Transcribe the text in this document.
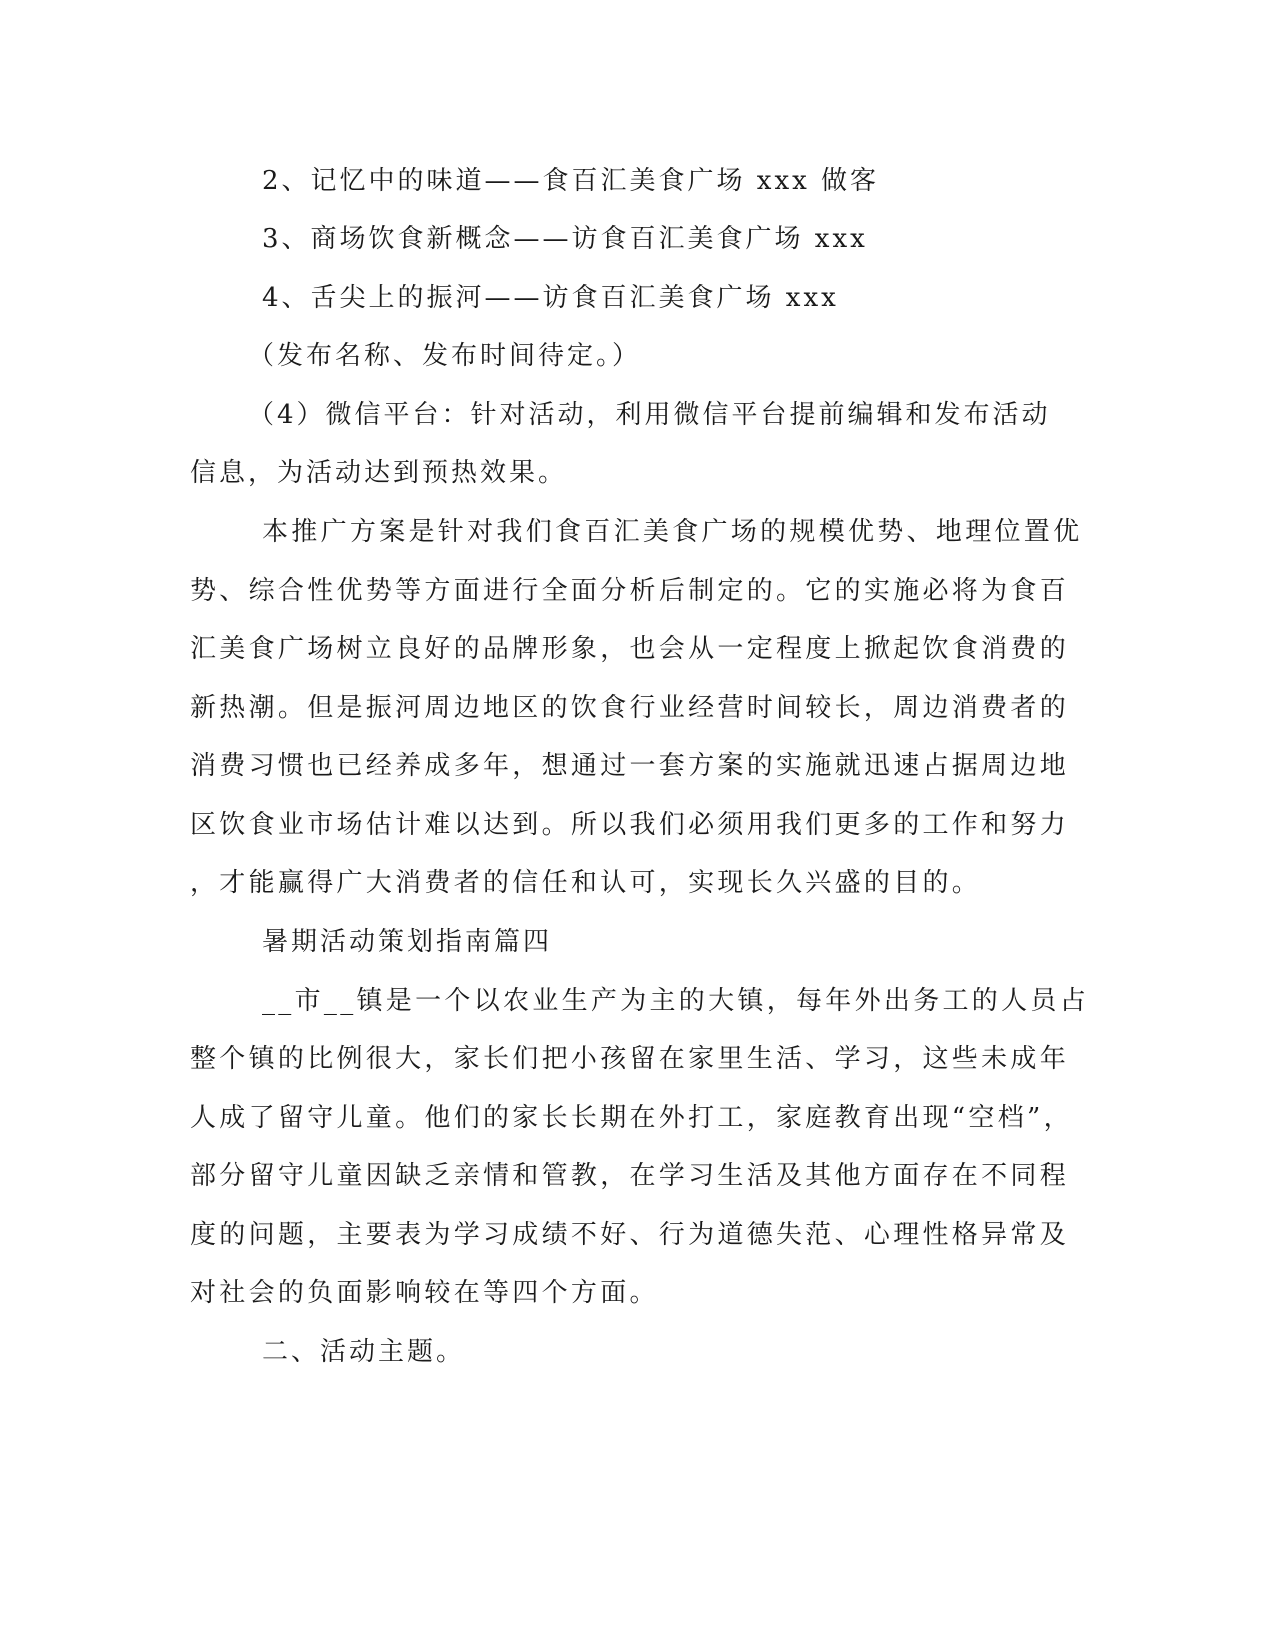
2、记忆中的味道——食百汇美食广场 xxx 做客
3、商场饮食新概念——访食百汇美食广场 xxx
4、舌尖上的振河——访食百汇美食广场 xxx
（发布名称、发布时间待定。）
（4）微信平台：针对活动，利用微信平台提前编辑和发布活动
信息，为活动达到预热效果。
本推广方案是针对我们食百汇美食广场的规模优势、地理位置优
势、综合性优势等方面进行全面分析后制定的。它的实施必将为食百
汇美食广场树立良好的品牌形象，也会从一定程度上掀起饮食消费的
新热潮。但是振河周边地区的饮食行业经营时间较长，周边消费者的
消费习惯也已经养成多年，想通过一套方案的实施就迅速占据周边地
区饮食业市场估计难以达到。所以我们必须用我们更多的工作和努力
，才能赢得广大消费者的信任和认可，实现长久兴盛的目的。
暑期活动策划指南篇四
__市__镇是一个以农业生产为主的大镇，每年外出务工的人员占
整个镇的比例很大，家长们把小孩留在家里生活、学习，这些未成年
人成了留守儿童。他们的家长长期在外打工，家庭教育出现“空档”，
部分留守儿童因缺乏亲情和管教，在学习生活及其他方面存在不同程
度的问题，主要表为学习成绩不好、行为道德失范、心理性格异常及
对社会的负面影响较在等四个方面。
二、活动主题。
